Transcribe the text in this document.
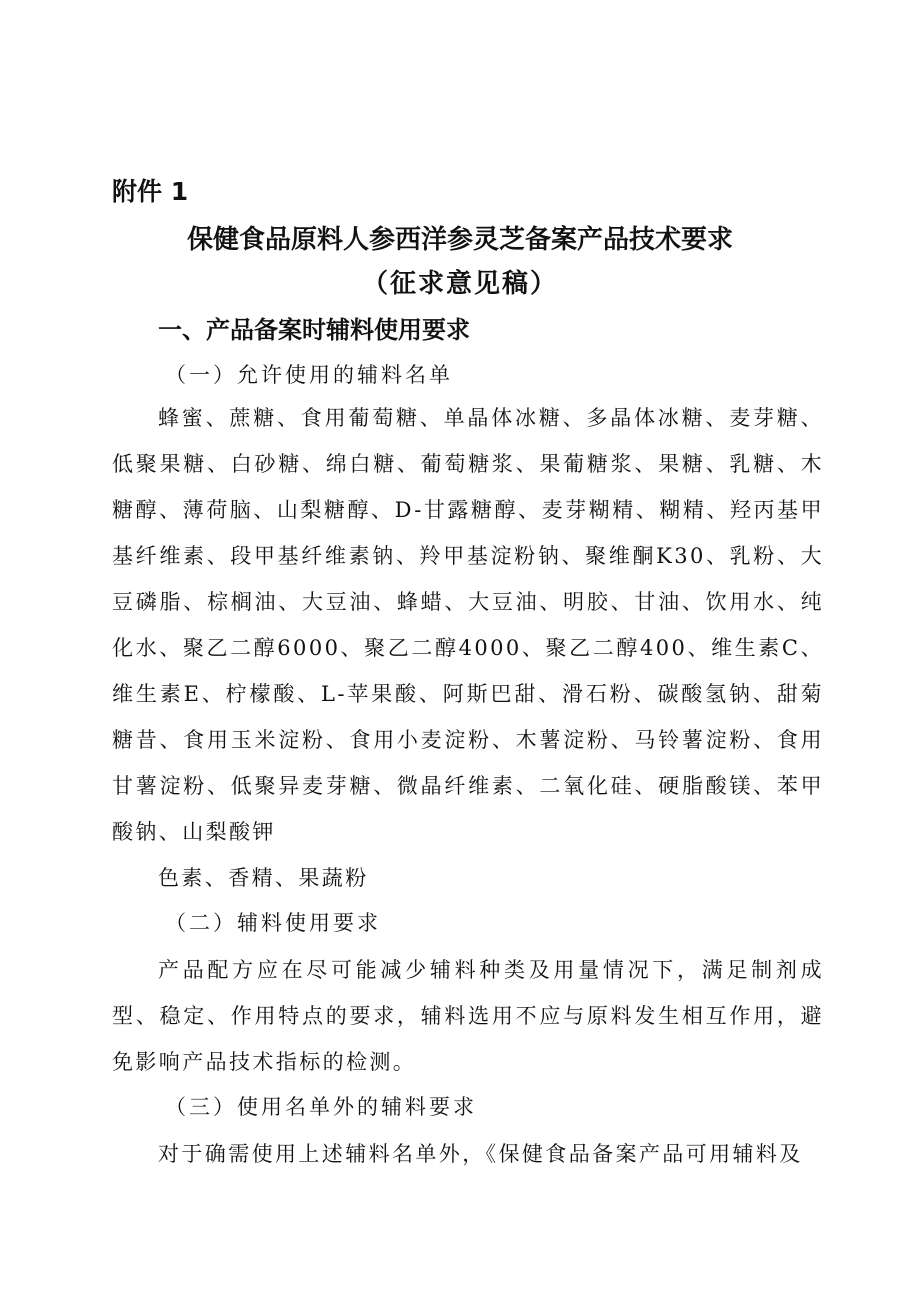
附件 1
保健食品原料人参西洋参灵芝备案产品技术要求
（征求意见稿）
一、产品备案时辅料使用要求
（一）允许使用的辅料名单

蜂蜜、蔗糖、食用葡萄糖、单晶体冰糖、多晶体冰糖、麦芽糖、低聚果糖、白砂糖、绵白糖、葡萄糖浆、果葡糖浆、果糖、乳糖、木糖醇、薄荷脑、山梨糖醇、D-甘露糖醇、麦芽糊精、糊精、羟丙基甲基纤维素、段甲基纤维素钠、羚甲基淀粉钠、聚维酮K30、乳粉、大豆磷脂、棕榈油、大豆油、蜂蜡、大豆油、明胶、甘油、饮用水、纯化水、聚乙二醇6000、聚乙二醇4000、聚乙二醇400、维生素C、维生素E、柠檬酸、L-苹果酸、阿斯巴甜、滑石粉、碳酸氢钠、甜菊糖昔、食用玉米淀粉、食用小麦淀粉、木薯淀粉、马铃薯淀粉、食用甘薯淀粉、低聚异麦芽糖、微晶纤维素、二氧化硅、硬脂酸镁、苯甲酸钠、山梨酸钾

色素、香精、果蔬粉

（二）辅料使用要求

产品配方应在尽可能减少辅料种类及用量情况下，满足制剂成型、稳定、作用特点的要求，辅料选用不应与原料发生相互作用，避免影响产品技术指标的检测。

（三）使用名单外的辅料要求

对于确需使用上述辅料名单外，《保健食品备案产品可用辅料及
